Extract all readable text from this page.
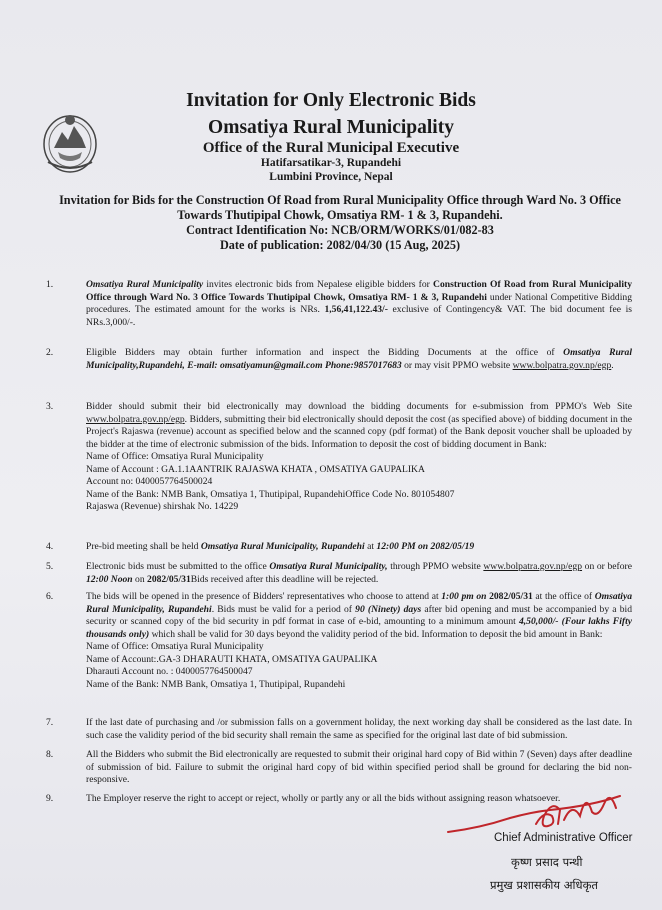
Invitation for Only Electronic Bids
Omsatiya Rural Municipality
Office of the Rural Municipal Executive
Hatifarsatikar-3, Rupandehi
Lumbini Province, Nepal
Invitation for Bids for the Construction Of Road from Rural Municipality Office through Ward No. 3 Office
Towards Thutipipal Chowk, Omsatiya RM- 1 & 3, Rupandehi.
Contract Identification No: NCB/ORM/WORKS/01/082-83
Date of publication: 2082/04/30 (15 Aug, 2025)
1.	Omsatiya Rural Municipality invites electronic bids from Nepalese eligible bidders for Construction Of Road from Rural Municipality Office through Ward No. 3 Office Towards Thutipipal Chowk, Omsatiya RM- 1 & 3, Rupandehi under National Competitive Bidding procedures. The estimated amount for the works is NRs. 1,56,41,122.43/- exclusive of Contingency& VAT. The bid document fee is NRs.3,000/-.
2.	Eligible Bidders may obtain further information and inspect the Bidding Documents at the office of Omsatiya Rural Municipality,Rupandehi, E-mail: omsatiyamun@gmail.com Phone:9857017683 or may visit PPMO website www.bolpatra.gov.np/egp.
3.	Bidder should submit their bid electronically may download the bidding documents for e-submission from PPMO's Web Site www.bolpatra.gov.np/egp. Bidders, submitting their bid electronically should deposit the cost (as specified above) of bidding document in the Project's Rajaswa (revenue) account as specified below and the scanned copy (pdf format) of the Bank deposit voucher shall be uploaded by the bidder at the time of electronic submission of the bids. Information to deposit the cost of bidding document in Bank:
Name of Office: Omsatiya Rural Municipality
Name of Account : GA.1.1AANTRIK RAJASWA KHATA , OMSATIYA GAUPALIKA
Account no: 0400057764500024
Name of the Bank: NMB Bank, Omsatiya 1, Thutipipal, RupandehiOffice Code No. 801054807
Rajaswa (Revenue) shirshak No. 14229
4.	Pre-bid meeting shall be held Omsatiya Rural Municipality, Rupandehi at 12:00 PM on 2082/05/19
5.	Electronic bids must be submitted to the office Omsatiya Rural Municipality, through PPMO website www.bolpatra.gov.np/egp on or before 12:00 Noon on 2082/05/31Bids received after this deadline will be rejected.
6.	The bids will be opened in the presence of Bidders' representatives who choose to attend at 1:00 pm on 2082/05/31 at the office of Omsatiya Rural Municipality, Rupandehi. Bids must be valid for a period of 90 (Ninety) days after bid opening and must be accompanied by a bid security or scanned copy of the bid security in pdf format in case of e-bid, amounting to a minimum amount 4,50,000/- (Four lakhs Fifty thousands only) which shall be valid for 30 days beyond the validity period of the bid. Information to deposit the bid amount in Bank:
Name of Office: Omsatiya Rural Municipality
Name of Account:.GA-3 DHARAUTI KHATA, OMSATIYA GAUPALIKA
Dharauti Account no. : 0400057764500047
Name of the Bank: NMB Bank, Omsatiya 1, Thutipipal, Rupandehi
7.	If the last date of purchasing and /or submission falls on a government holiday, the next working day shall be considered as the last date. In such case the validity period of the bid security shall remain the same as specified for the original last date of bid submission.
8.	All the Bidders who submit the Bid electronically are requested to submit their original hard copy of Bid within 7 (Seven) days after deadline of submission of bid. Failure to submit the original hard copy of bid within specified period shall be ground for declaring the bid non-responsive.
9.	The Employer reserve the right to accept or reject, wholly or partly any or all the bids without assigning reason whatsoever.
Chief Administrative Officer
कृष्ण प्रसाद पन्थी
प्रमुख प्रशासकीय अधिकृत
